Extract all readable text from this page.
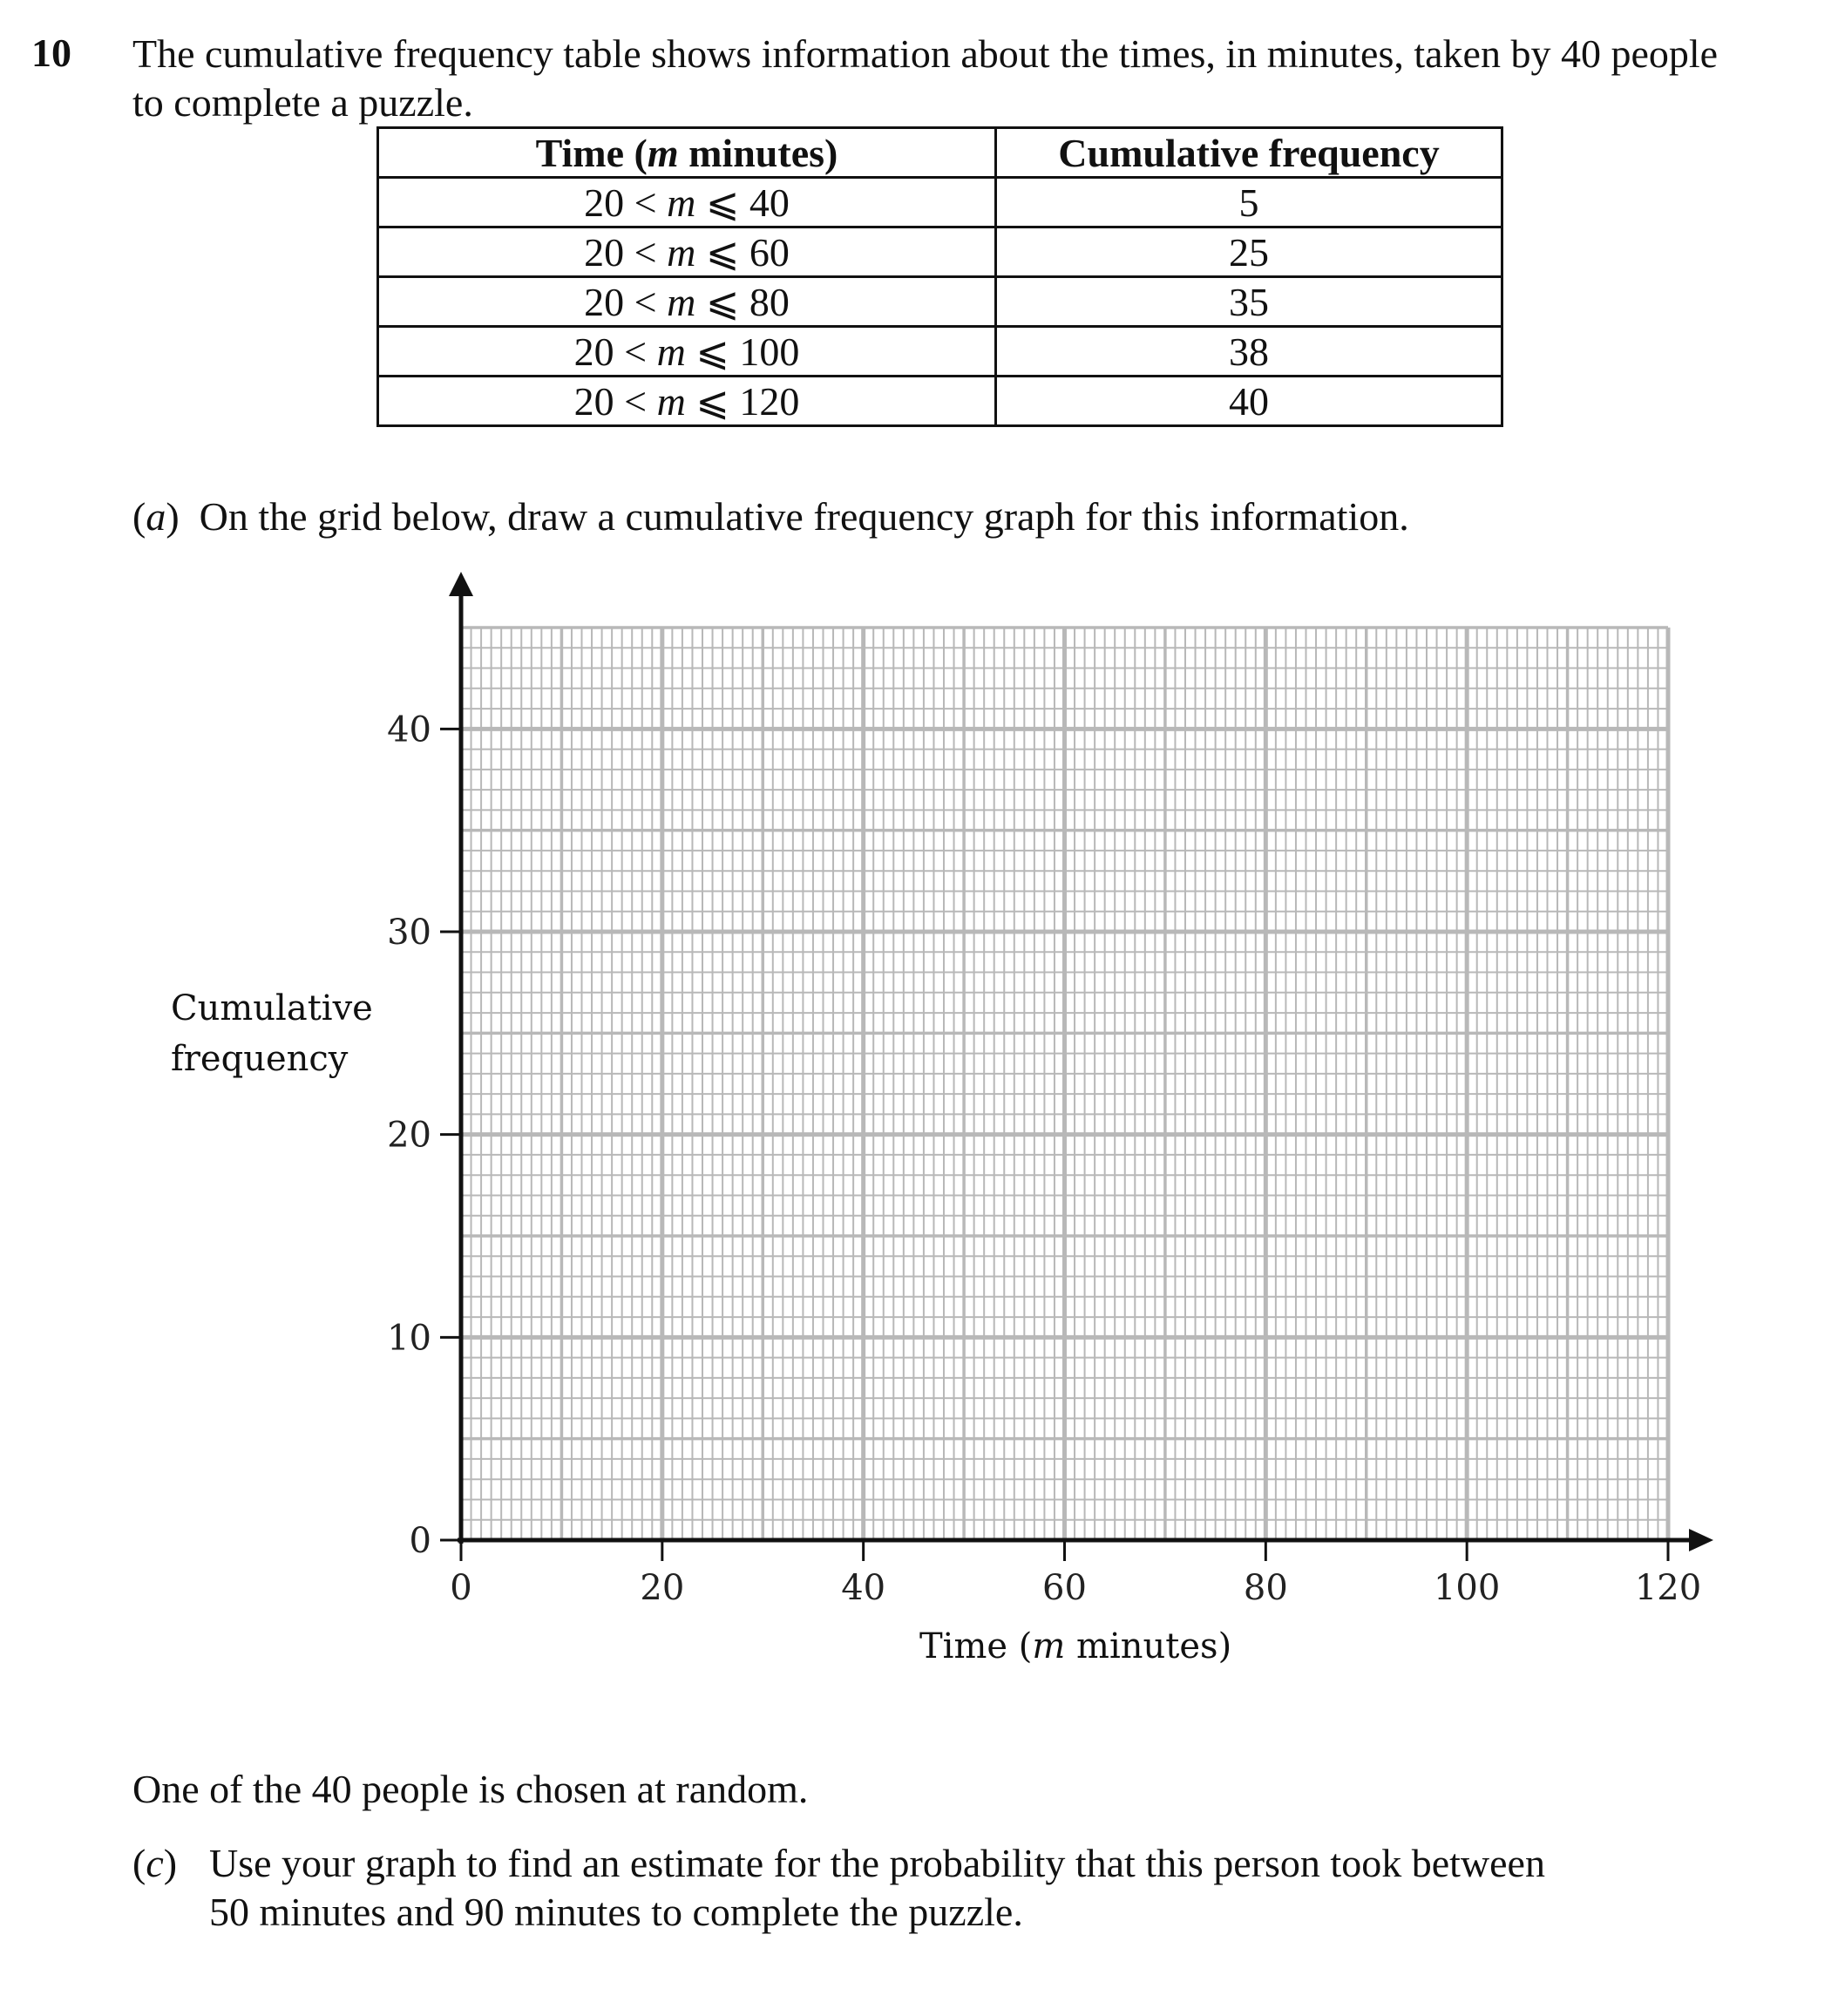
10 The cumulative frequency table shows information about the times, in minutes, taken by 40 people to complete a puzzle.
Time (m minutes)	Cumulative frequency
20 < m ⩽ 40	5
20 < m ⩽ 60	25
20 < m ⩽ 80	35
20 < m ⩽ 100	38
20 < m ⩽ 120	40
(a)  On the grid below, draw a cumulative frequency graph for this information.
Cumulative
frequency
Time (m minutes)
0	20	40	60	80	100	120
0
10
20
30
40
One of the 40 people is chosen at random.
(c) Use your graph to find an estimate for the probability that this person took between
50 minutes and 90 minutes to complete the puzzle.
